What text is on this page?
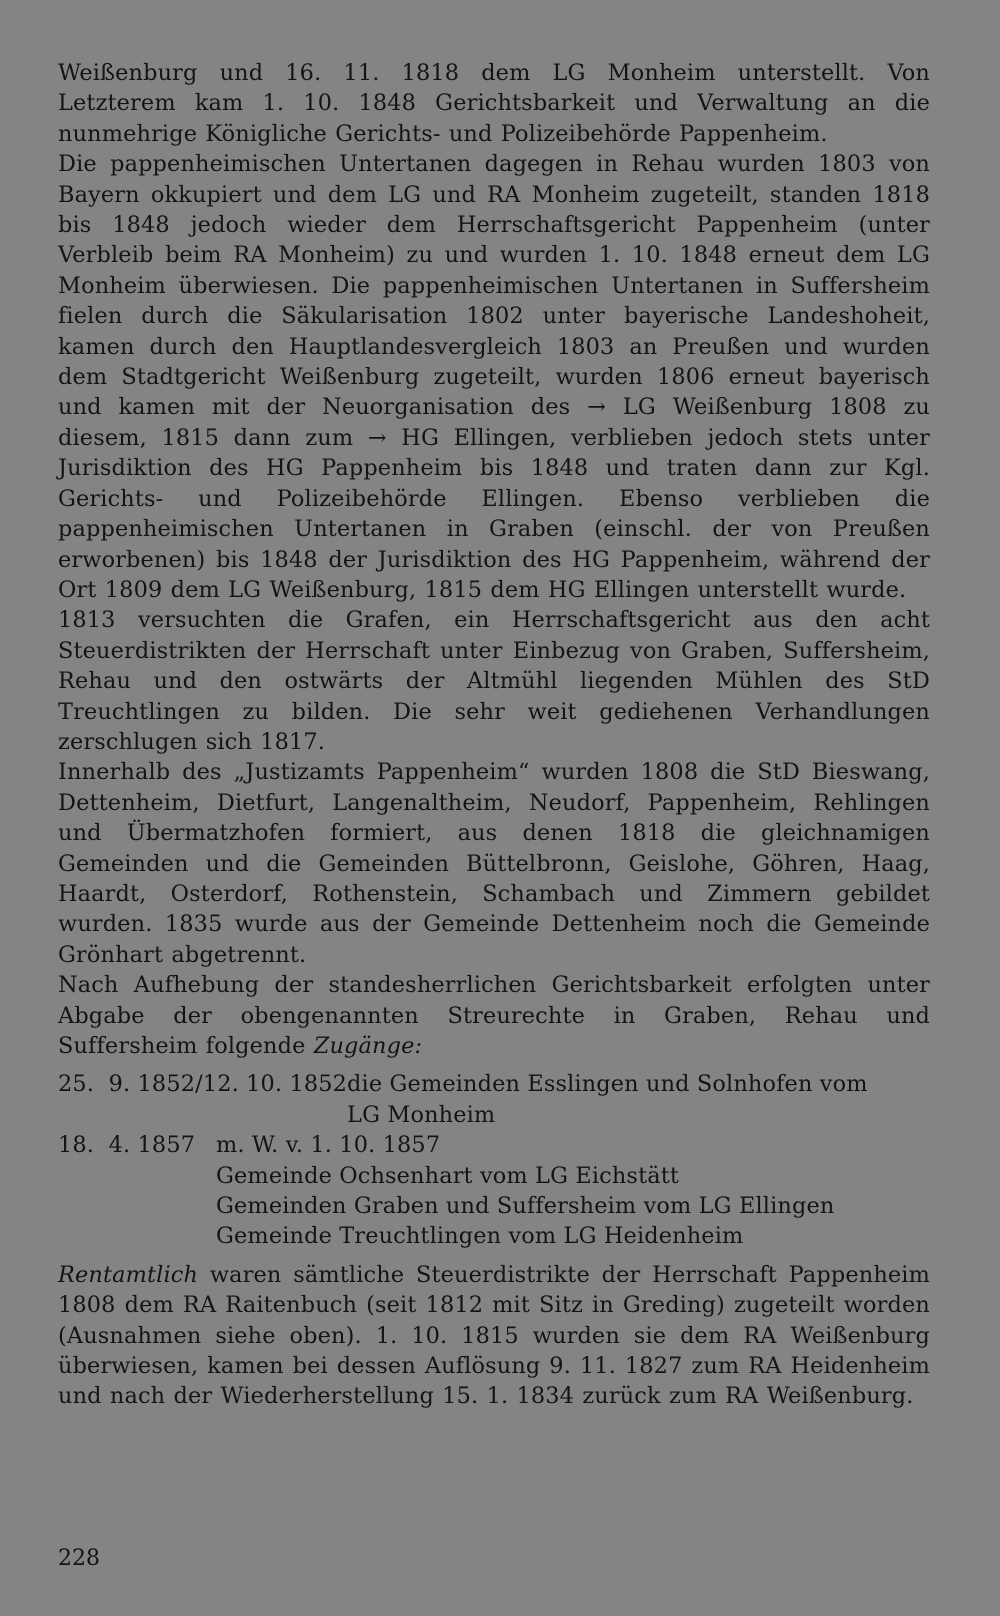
Weißenburg und 16. 11. 1818 dem LG Monheim unterstellt. Von Letzterem kam 1. 10. 1848 Gerichtsbarkeit und Verwaltung an die nunmehrige Königliche Gerichts- und Polizeibehörde Pappenheim.

Die pappenheimischen Untertanen dagegen in Rehau wurden 1803 von Bayern okkupiert und dem LG und RA Monheim zugeteilt, standen 1818 bis 1848 jedoch wieder dem Herrschaftsgericht Pappenheim (unter Verbleib beim RA Monheim) zu und wurden 1. 10. 1848 erneut dem LG Monheim überwiesen. Die pappenheimischen Untertanen in Suffersheim fielen durch die Säkularisation 1802 unter bayerische Landeshoheit, kamen durch den Hauptlandesvergleich 1803 an Preußen und wurden dem Stadtgericht Weißenburg zugeteilt, wurden 1806 erneut bayerisch und kamen mit der Neuorganisation des → LG Weißenburg 1808 zu diesem, 1815 dann zum → HG Ellingen, verblieben jedoch stets unter Jurisdiktion des HG Pappenheim bis 1848 und traten dann zur Kgl. Gerichts- und Polizeibehörde Ellingen. Ebenso verblieben die pappenheimischen Untertanen in Graben (einschl. der von Preußen erworbenen) bis 1848 der Jurisdiktion des HG Pappenheim, während der Ort 1809 dem LG Weißenburg, 1815 dem HG Ellingen unterstellt wurde.

1813 versuchten die Grafen, ein Herrschaftsgericht aus den acht Steuerdistrikten der Herrschaft unter Einbezug von Graben, Suffersheim, Rehau und den ostwärts der Altmühl liegenden Mühlen des StD Treuchtlingen zu bilden. Die sehr weit gediehenen Verhandlungen zerschlugen sich 1817.

Innerhalb des „Justizamts Pappenheim“ wurden 1808 die StD Bieswang, Dettenheim, Dietfurt, Langenaltheim, Neudorf, Pappenheim, Rehlingen und Übermatzhofen formiert, aus denen 1818 die gleichnamigen Gemeinden und die Gemeinden Büttelbronn, Geislohe, Göhren, Haag, Haardt, Osterdorf, Rothenstein, Schambach und Zimmern gebildet wurden. 1835 wurde aus der Gemeinde Dettenheim noch die Gemeinde Grönhart abgetrennt.

Nach Aufhebung der standesherrlichen Gerichtsbarkeit erfolgten unter Abgabe der obengenannten Streurechte in Graben, Rehau und Suffersheim folgende Zugänge:

25.  9. 1852/12. 10. 1852 die Gemeinden Esslingen und Solnhofen vom
LG Monheim
18.  4. 1857 m. W. v. 1. 10. 1857
Gemeinde Ochsenhart vom LG Eichstätt
Gemeinden Graben und Suffersheim vom LG Ellingen
Gemeinde Treuchtlingen vom LG Heidenheim

Rentamtlich waren sämtliche Steuerdistrikte der Herrschaft Pappenheim 1808 dem RA Raitenbuch (seit 1812 mit Sitz in Greding) zugeteilt worden (Ausnahmen siehe oben). 1. 10. 1815 wurden sie dem RA Weißenburg überwiesen, kamen bei dessen Auflösung 9. 11. 1827 zum RA Heidenheim und nach der Wiederherstellung 15. 1. 1834 zurück zum RA Weißenburg.

228
